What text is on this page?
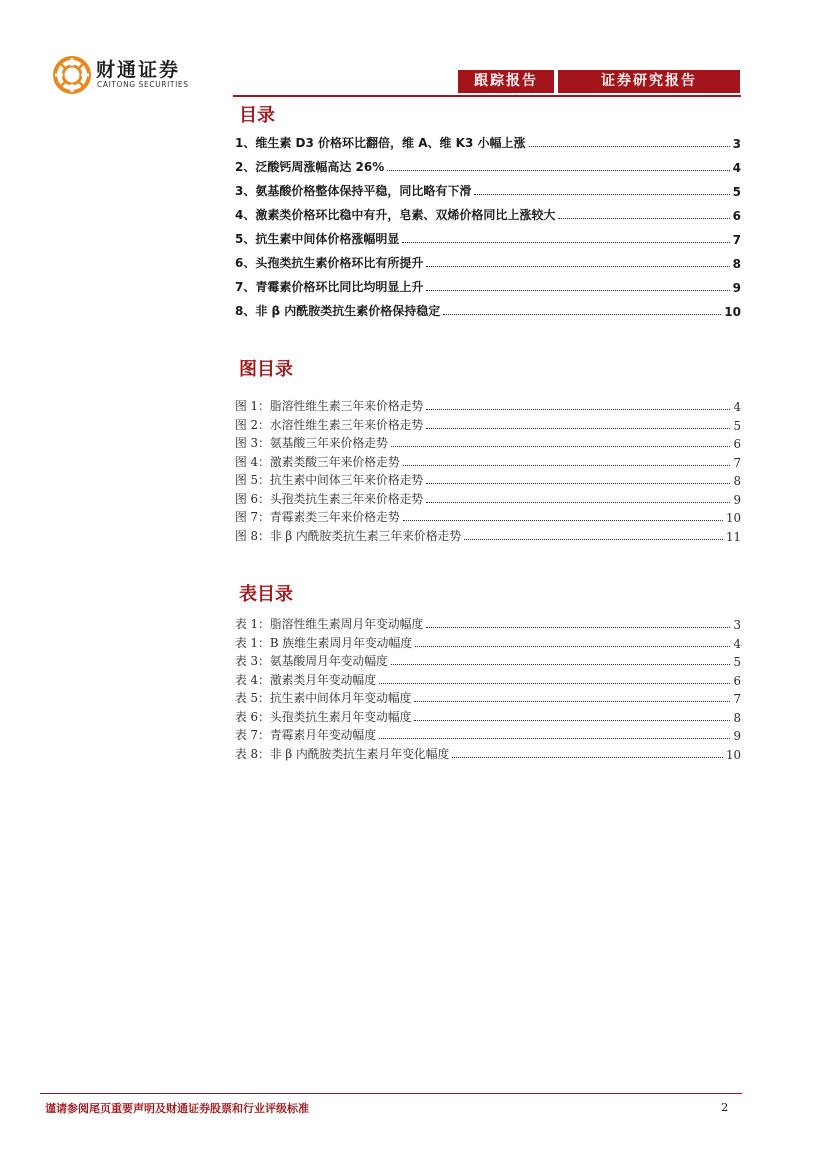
财通证券
CAITONG SECURITIES	跟踪报告	证券研究报告
目录
1、维生素 D3 价格环比翻倍，维 A、维 K3 小幅上涨	3
2、泛酸钙周涨幅高达 26%	4
3、氨基酸价格整体保持平稳，同比略有下滑	5
4、激素类价格环比稳中有升，皂素、双烯价格同比上涨较大	6
5、抗生素中间体价格涨幅明显	7
6、头孢类抗生素价格环比有所提升	8
7、青霉素价格环比同比均明显上升	9
8、非 β 内酰胺类抗生素价格保持稳定	10
图目录
图 1：脂溶性维生素三年来价格走势	4
图 2：水溶性维生素三年来价格走势	5
图 3：氨基酸三年来价格走势	6
图 4：激素类酸三年来价格走势	7
图 5：抗生素中间体三年来价格走势	8
图 6：头孢类抗生素三年来价格走势	9
图 7：青霉素类三年来价格走势	10
图 8：非 β 内酰胺类抗生素三年来价格走势	11
表目录
表 1：脂溶性维生素周月年变动幅度	3
表 1：B 族维生素周月年变动幅度	4
表 3：氨基酸周月年变动幅度	5
表 4：激素类月年变动幅度	6
表 5：抗生素中间体月年变动幅度	7
表 6：头孢类抗生素月年变动幅度	8
表 7：青霉素月年变动幅度	9
表 8：非 β 内酰胺类抗生素月年变化幅度	10
谨请参阅尾页重要声明及财通证券股票和行业评级标准	2
